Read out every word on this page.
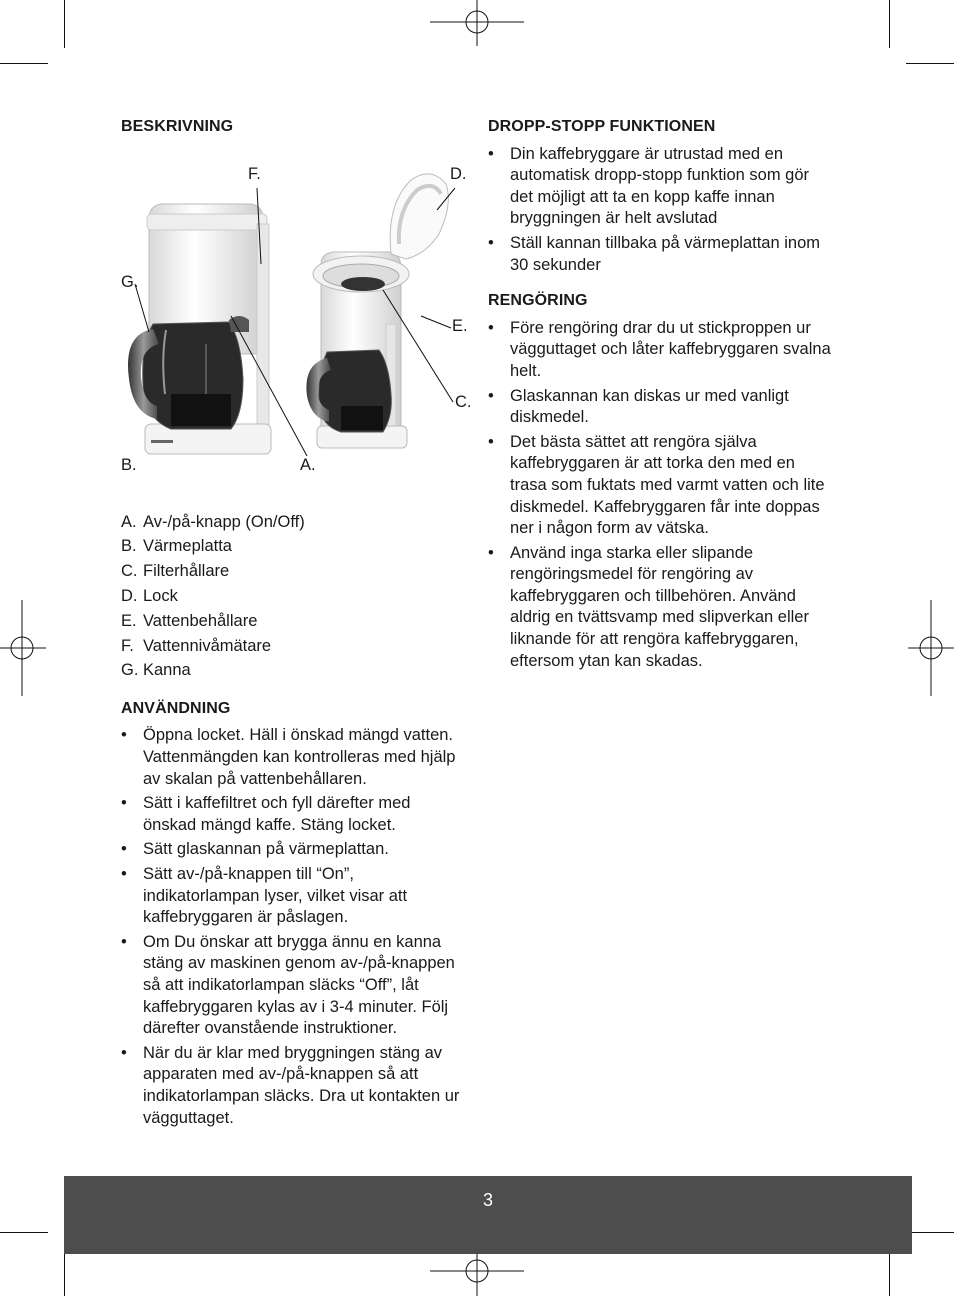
BESKRIVNING
F.	D.
G.
E.
C.
B.	A.
A. Av-/på-knapp (On/Off)
B. Värmeplatta
C. Filterhållare
D. Lock
E. Vattenbehållare
F. Vattennivåmätare
G. Kanna
ANVÄNDNING
• Öppna locket. Häll i önskad mängd vatten. Vattenmängden kan kontrolleras med hjälp av skalan på vattenbehållaren.
• Sätt i kaffefiltret och fyll därefter med önskad mängd kaffe. Stäng locket.
• Sätt glaskannan på värmeplattan.
• Sätt av-/på-knappen till “On”, indikatorlampan lyser, vilket visar att kaffebryggaren är påslagen.
• Om Du önskar att brygga ännu en kanna stäng av maskinen genom av-/på-knappen så att indikatorlampan släcks “Off”, låt kaffebryggaren kylas av i 3-4 minuter. Följ därefter ovanstående instruktioner.
• När du är klar med bryggningen stäng av apparaten med av-/på-knappen så att indikatorlampan släcks. Dra ut kontakten ur vägguttaget.
DROPP-STOPP FUNKTIONEN
• Din kaffebryggare är utrustad med en automatisk dropp-stopp funktion som gör det möjligt att ta en kopp kaffe innan bryggningen är helt avslutad
• Ställ kannan tillbaka på värmeplattan inom 30 sekunder
RENGÖRING
• Före rengöring drar du ut stickproppen ur vägguttaget och låter kaffebryggaren svalna helt.
• Glaskannan kan diskas ur med vanligt diskmedel.
• Det bästa sättet att rengöra själva kaffebryggaren är att torka den med en trasa som fuktats med varmt vatten och lite diskmedel. Kaffebryggaren får inte doppas ner i någon form av vätska.
• Använd inga starka eller slipande rengöringsmedel för rengöring av kaffebryggaren och tillbehören. Använd aldrig en tvättsvamp med slipverkan eller liknande för att rengöra kaffebryggaren, eftersom ytan kan skadas.
3
